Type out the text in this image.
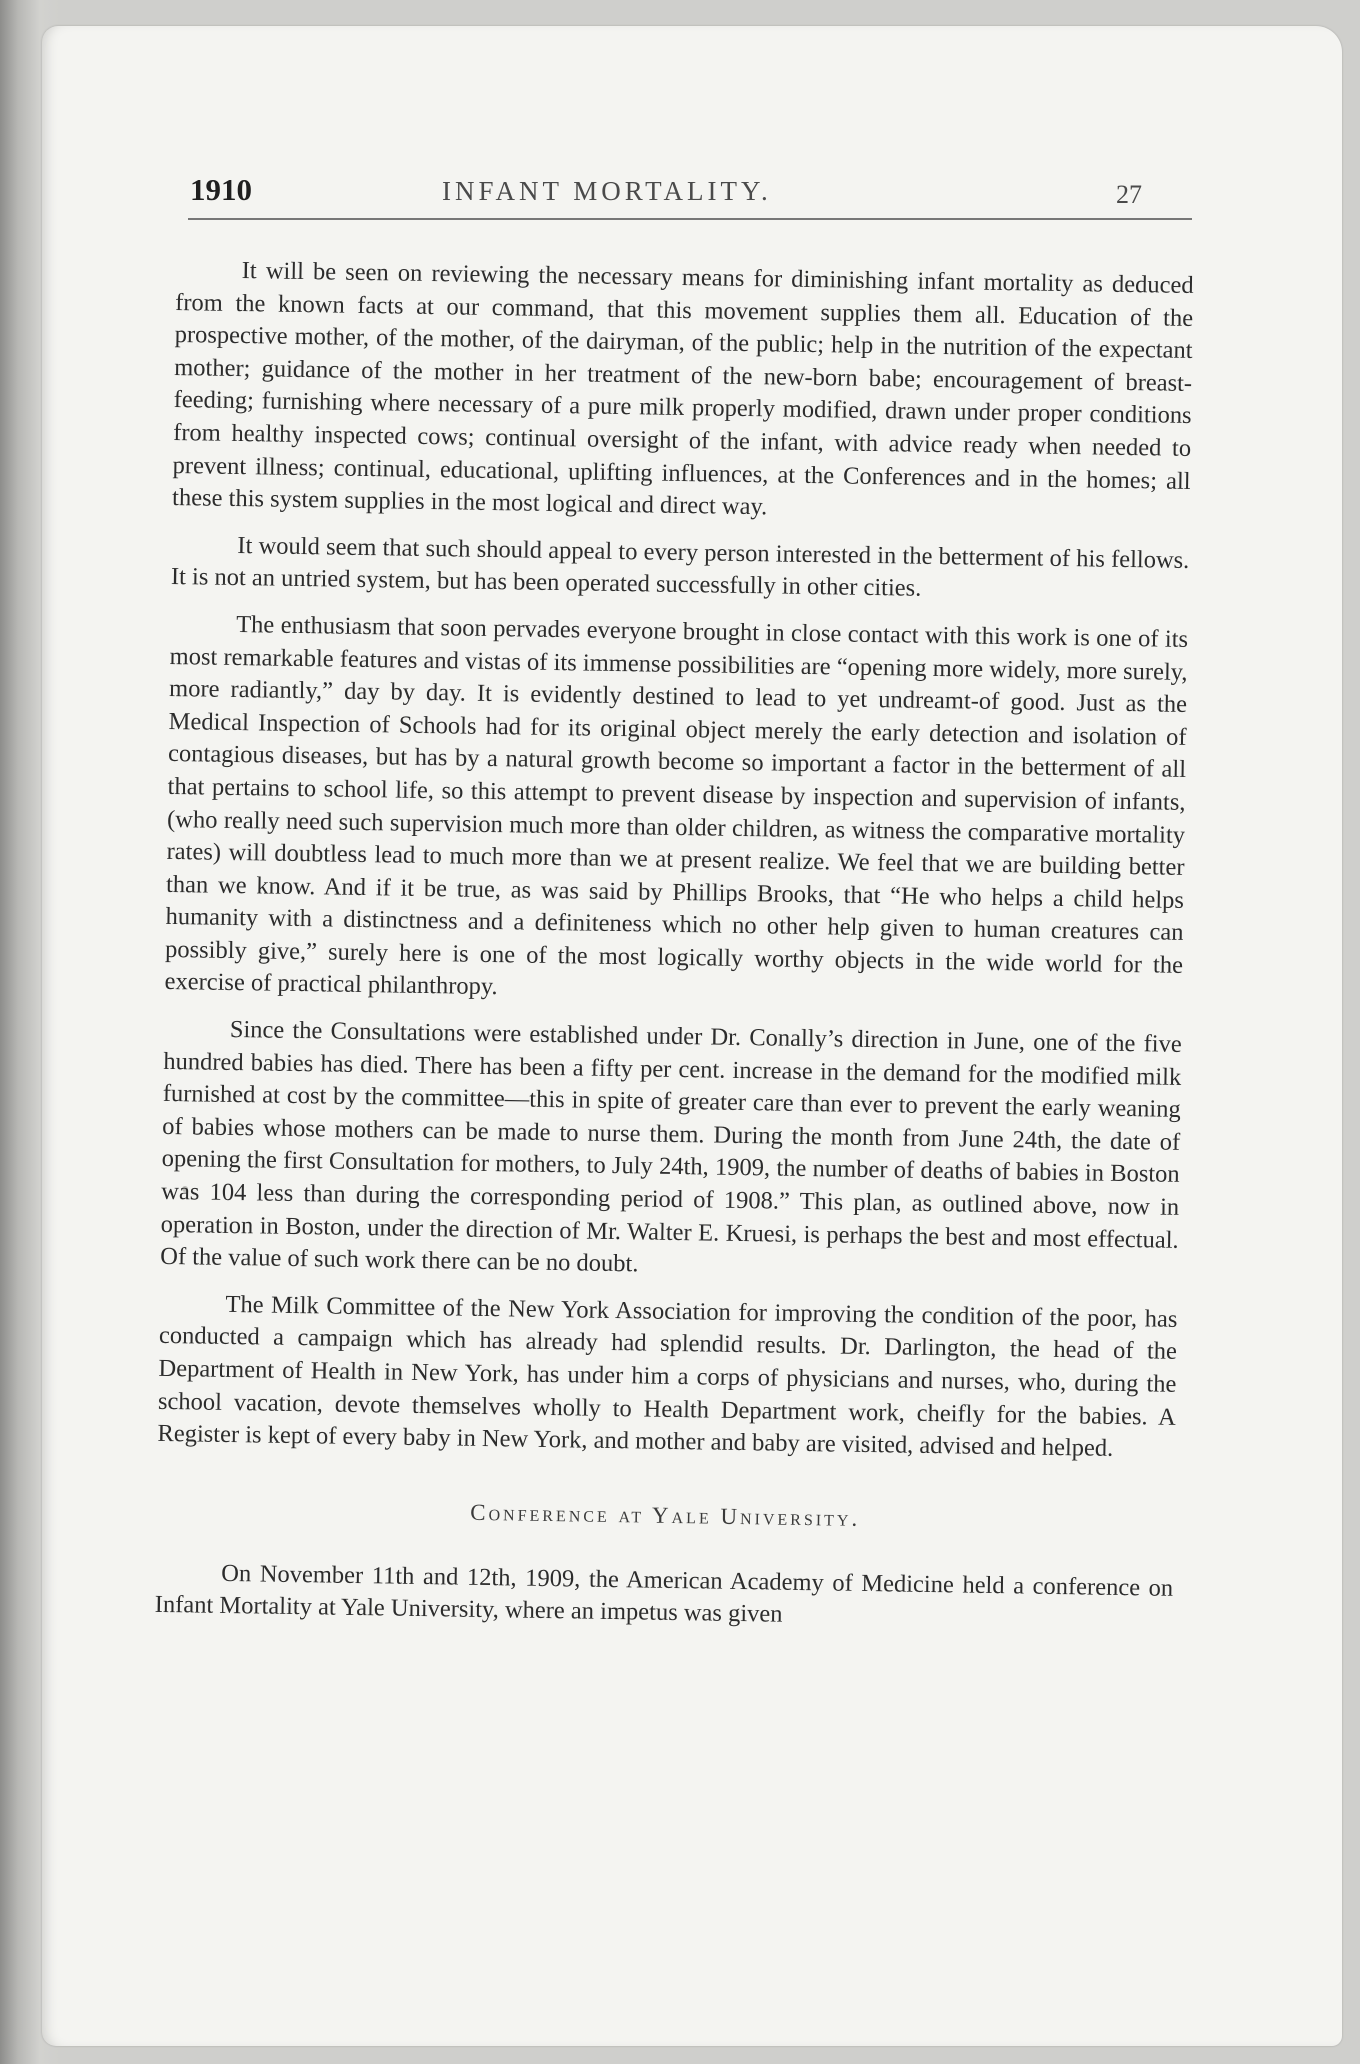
1910	INFANT MORTALITY.	27

It will be seen on reviewing the necessary means for diminishing infant mortality as deduced from the known facts at our command, that this movement supplies them all. Education of the prospective mother, of the mother, of the dairyman, of the public; help in the nutrition of the expectant mother; guidance of the mother in her treatment of the new-born babe; encouragement of breast-feeding; furnishing where necessary of a pure milk properly modified, drawn under proper conditions from healthy inspected cows; continual oversight of the infant, with advice ready when needed to prevent illness; continual, educational, uplifting influences, at the Conferences and in the homes; all these this system supplies in the most logical and direct way.

It would seem that such should appeal to every person interested in the betterment of his fellows. It is not an untried system, but has been operated successfully in other cities.

The enthusiasm that soon pervades everyone brought in close contact with this work is one of its most remarkable features and vistas of its immense possibilities are “opening more widely, more surely, more radiantly,” day by day. It is evidently destined to lead to yet undreamt-of good. Just as the Medical Inspection of Schools had for its original object merely the early detection and isolation of contagious diseases, but has by a natural growth become so important a factor in the betterment of all that pertains to school life, so this attempt to prevent disease by inspection and supervision of infants, (who really need such supervision much more than older children, as witness the comparative mortality rates) will doubtless lead to much more than we at present realize. We feel that we are building better than we know. And if it be true, as was said by Phillips Brooks, that “He who helps a child helps humanity with a distinctness and a definiteness which no other help given to human creatures can possibly give,” surely here is one of the most logically worthy objects in the wide world for the exercise of practical philanthropy.

Since the Consultations were established under Dr. Conally’s direction in June, one of the five hundred babies has died. There has been a fifty per cent. increase in the demand for the modified milk furnished at cost by the committee—this in spite of greater care than ever to prevent the early weaning of babies whose mothers can be made to nurse them. During the month from June 24th, the date of opening the first Consultation for mothers, to July 24th, 1909, the number of deaths of babies in Boston was 104 less than during the corresponding period of 1908.” This plan, as outlined above, now in operation in Boston, under the direction of Mr. Walter E. Kruesi, is perhaps the best and most effectual. Of the value of such work there can be no doubt.

The Milk Committee of the New York Association for improving the condition of the poor, has conducted a campaign which has already had splendid results. Dr. Darlington, the head of the Department of Health in New York, has under him a corps of physicians and nurses, who, during the school vacation, devote themselves wholly to Health Department work, cheifly for the babies. A Register is kept of every baby in New York, and mother and baby are visited, advised and helped.

Conference at Yale University.

On November 11th and 12th, 1909, the American Academy of Medicine held a conference on Infant Mortality at Yale University, where an impetus was given
